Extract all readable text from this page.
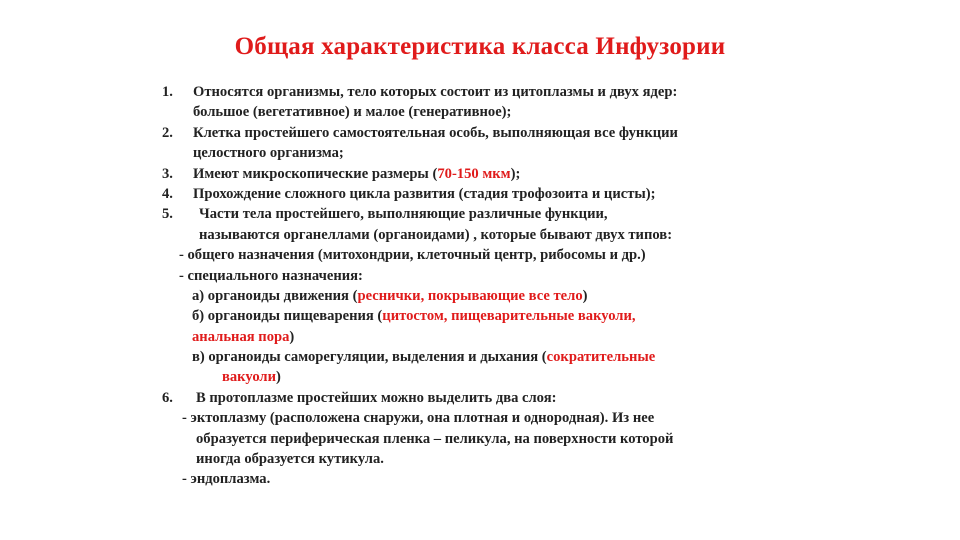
Общая характеристика класса Инфузории
1. Относятся организмы, тело которых состоит из цитоплазмы и двух ядер:
большое (вегетативное) и малое (генеративное);
2. Клетка простейшего самостоятельная особь, выполняющая все функции
целостного организма;
3. Имеют микроскопические размеры (70-150 мкм);
4. Прохождение сложного цикла развития (стадия трофозоита и цисты);
5. Части тела простейшего, выполняющие различные функции,
называются органеллами (органоидами) , которые бывают двух типов:
- общего назначения (митохондрии, клеточный центр, рибосомы и др.)
- специального назначения:
а) органоиды движения (реснички, покрывающие все тело)
б) органоиды пищеварения (цитостом, пищеварительные вакуоли,
анальная пора)
в) органоиды саморегуляции, выделения и дыхания (сократительные
вакуоли)
6. В протоплазме простейших можно выделить два слоя:
- эктоплазму (расположена снаружи, она плотная и однородная). Из нее
образуется периферическая пленка – пеликула, на поверхности которой
иногда образуется кутикула.
- эндоплазма.
